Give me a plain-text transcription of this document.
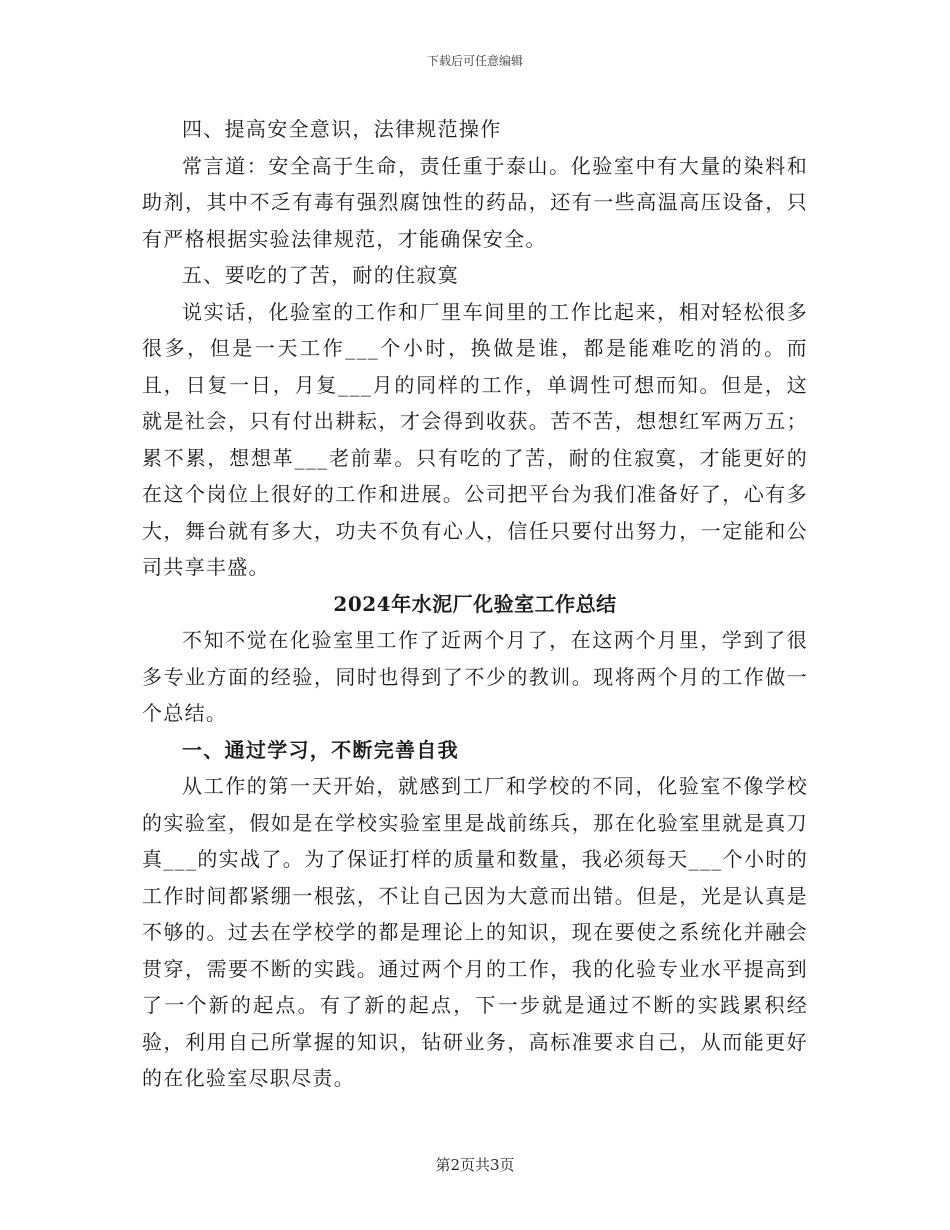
下载后可任意编辑

四、提高安全意识，法律规范操作

常言道：安全高于生命，责任重于泰山。化验室中有大量的染料和助剂，其中不乏有毒有强烈腐蚀性的药品，还有一些高温高压设备，只有严格根据实验法律规范，才能确保安全。

五、要吃的了苦，耐的住寂寞

说实话，化验室的工作和厂里车间里的工作比起来，相对轻松很多很多，但是一天工作___个小时，换做是谁，都是能难吃的消的。而且，日复一日，月复___月的同样的工作，单调性可想而知。但是，这就是社会，只有付出耕耘，才会得到收获。苦不苦，想想红军两万五；累不累，想想革___老前辈。只有吃的了苦，耐的住寂寞，才能更好的在这个岗位上很好的工作和进展。公司把平台为我们准备好了，心有多大，舞台就有多大，功夫不负有心人，信任只要付出努力，一定能和公司共享丰盛。

2024年水泥厂化验室工作总结

不知不觉在化验室里工作了近两个月了，在这两个月里，学到了很多专业方面的经验，同时也得到了不少的教训。现将两个月的工作做一个总结。

一、通过学习，不断完善自我

从工作的第一天开始，就感到工厂和学校的不同，化验室不像学校的实验室，假如是在学校实验室里是战前练兵，那在化验室里就是真刀真___的实战了。为了保证打样的质量和数量，我必须每天___个小时的工作时间都紧绷一根弦，不让自己因为大意而出错。但是，光是认真是不够的。过去在学校学的都是理论上的知识，现在要使之系统化并融会贯穿，需要不断的实践。通过两个月的工作，我的化验专业水平提高到了一个新的起点。有了新的起点，下一步就是通过不断的实践累积经验，利用自己所掌握的知识，钻研业务，高标准要求自己，从而能更好的在化验室尽职尽责。

第2页共3页
